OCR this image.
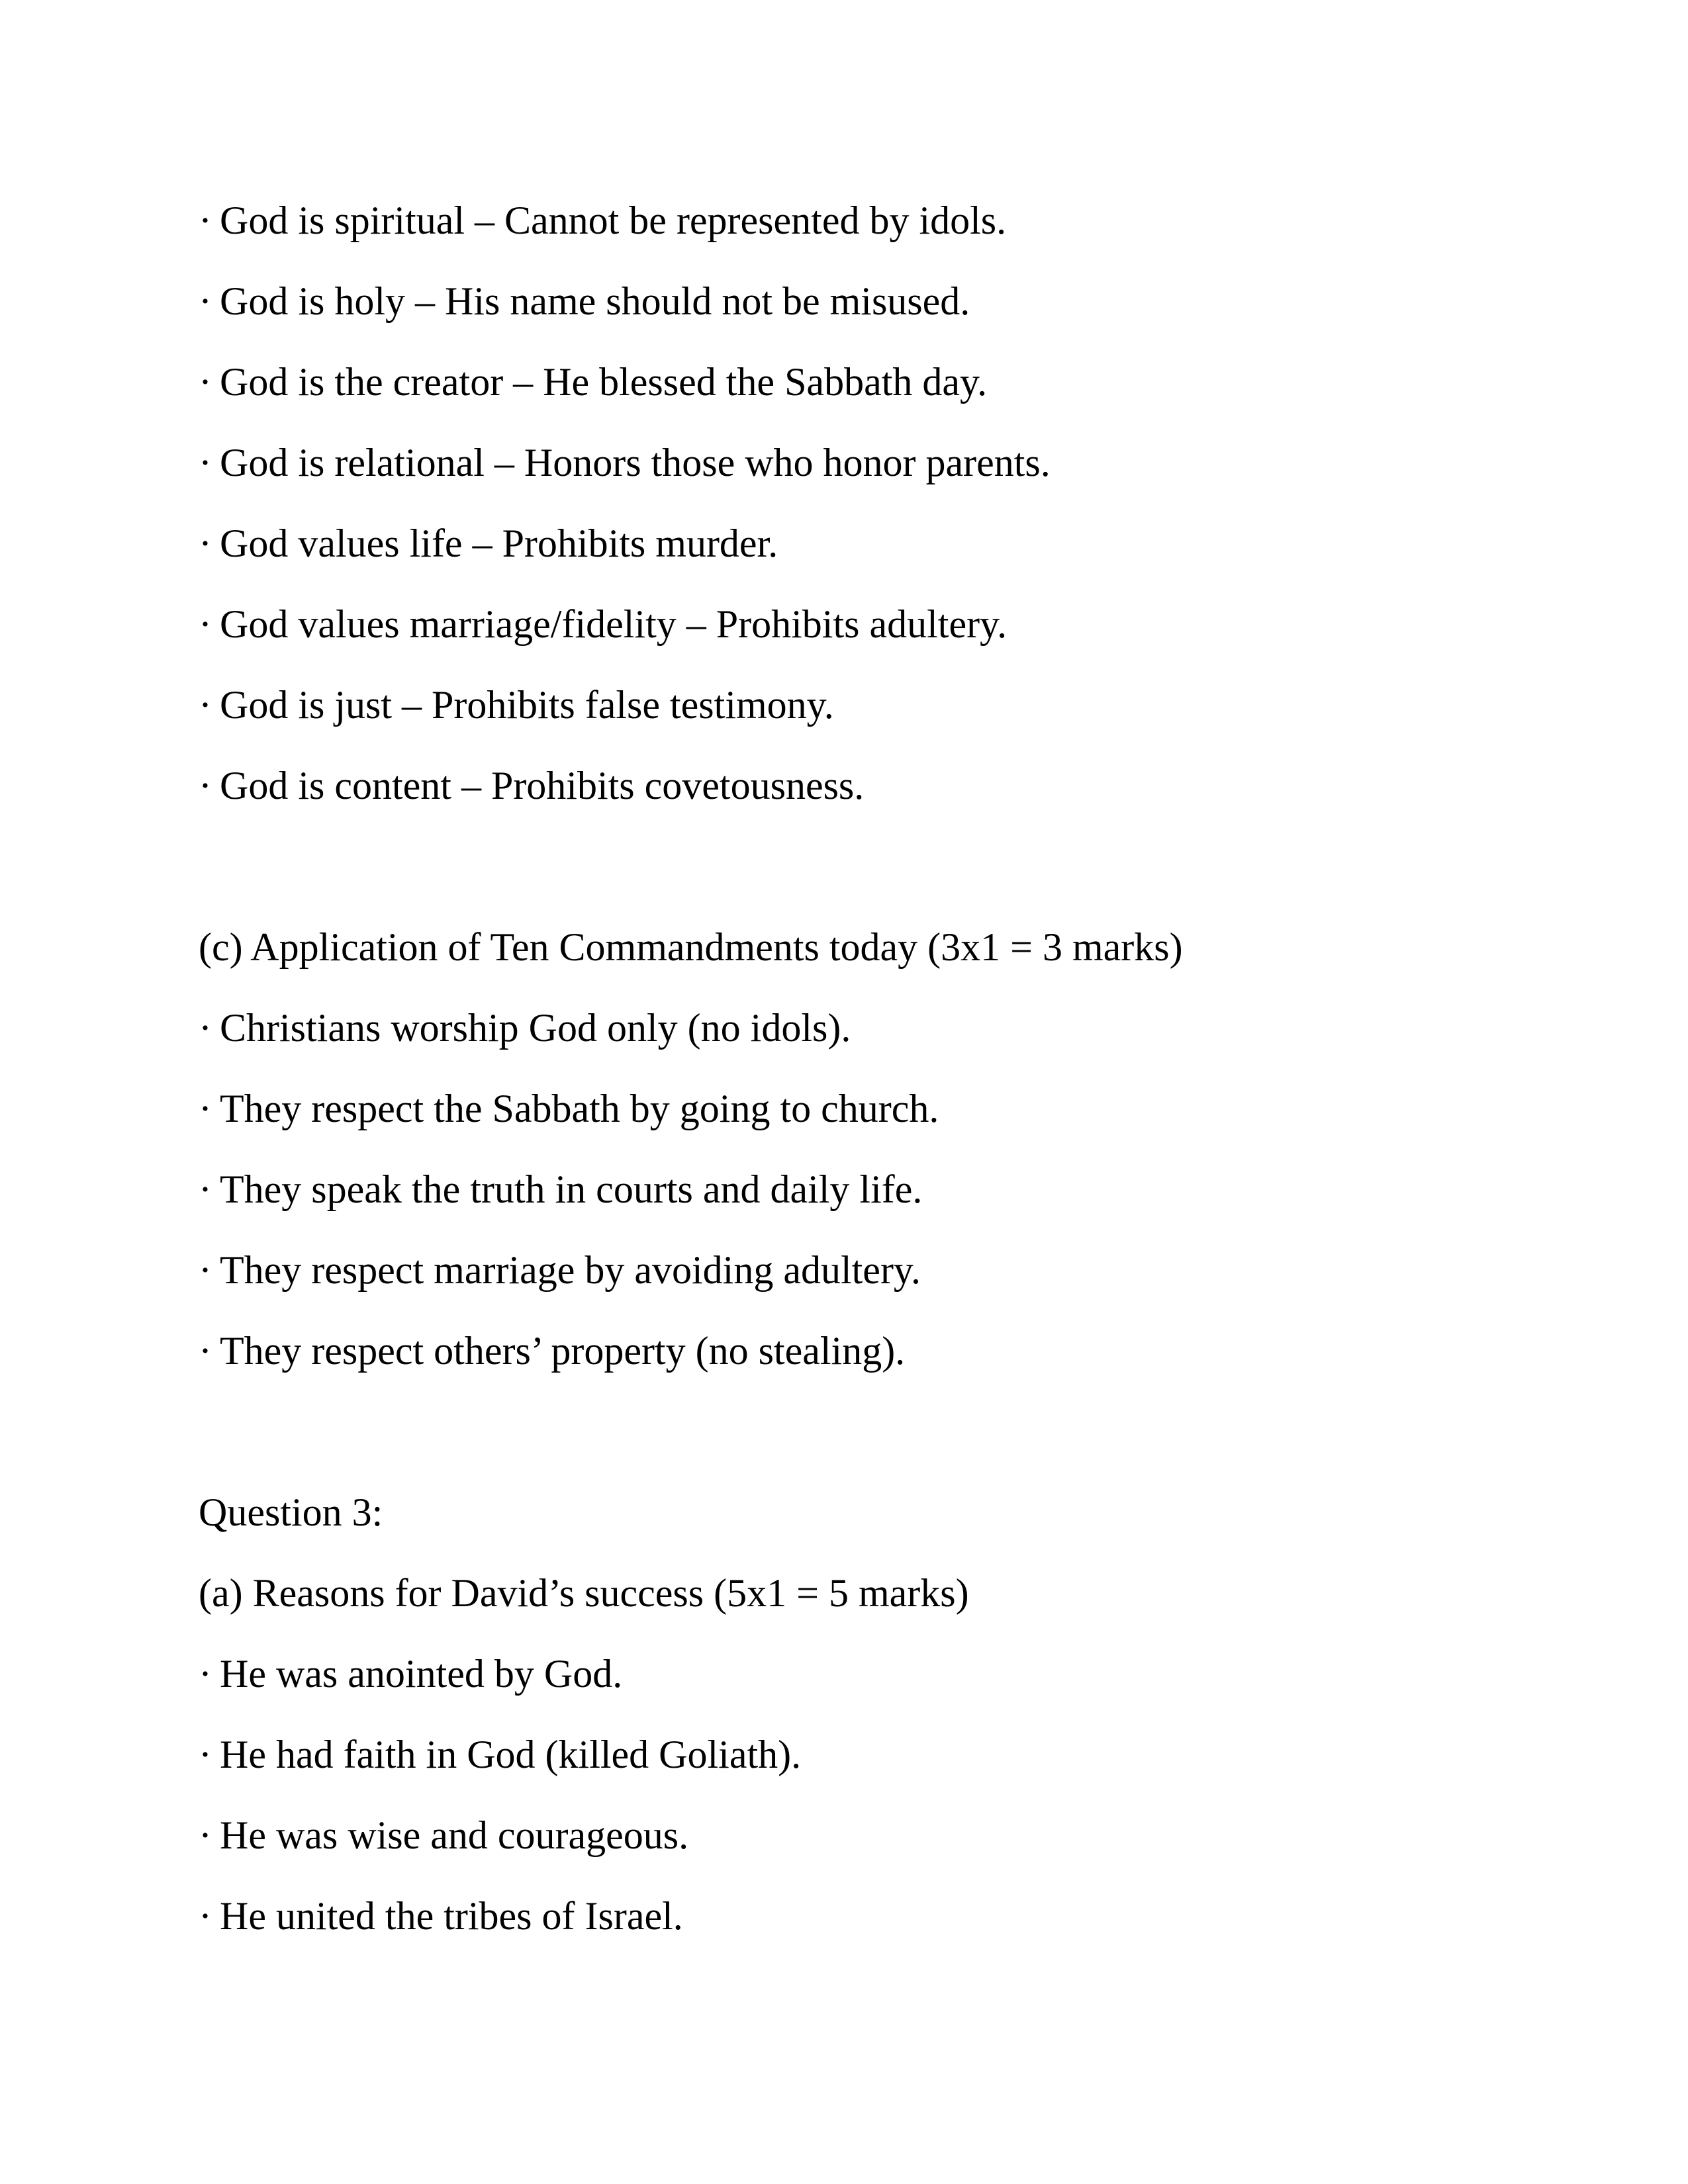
· God is spiritual – Cannot be represented by idols.

· God is holy – His name should not be misused.

· God is the creator – He blessed the Sabbath day.

· God is relational – Honors those who honor parents.

· God values life – Prohibits murder.

· God values marriage/fidelity – Prohibits adultery.

· God is just – Prohibits false testimony.

· God is content – Prohibits covetousness.

(c) Application of Ten Commandments today (3x1 = 3 marks)

· Christians worship God only (no idols).

· They respect the Sabbath by going to church.

· They speak the truth in courts and daily life.

· They respect marriage by avoiding adultery.

· They respect others’ property (no stealing).

Question 3:

(a) Reasons for David’s success (5x1 = 5 marks)

· He was anointed by God.

· He had faith in God (killed Goliath).

· He was wise and courageous.

· He united the tribes of Israel.
